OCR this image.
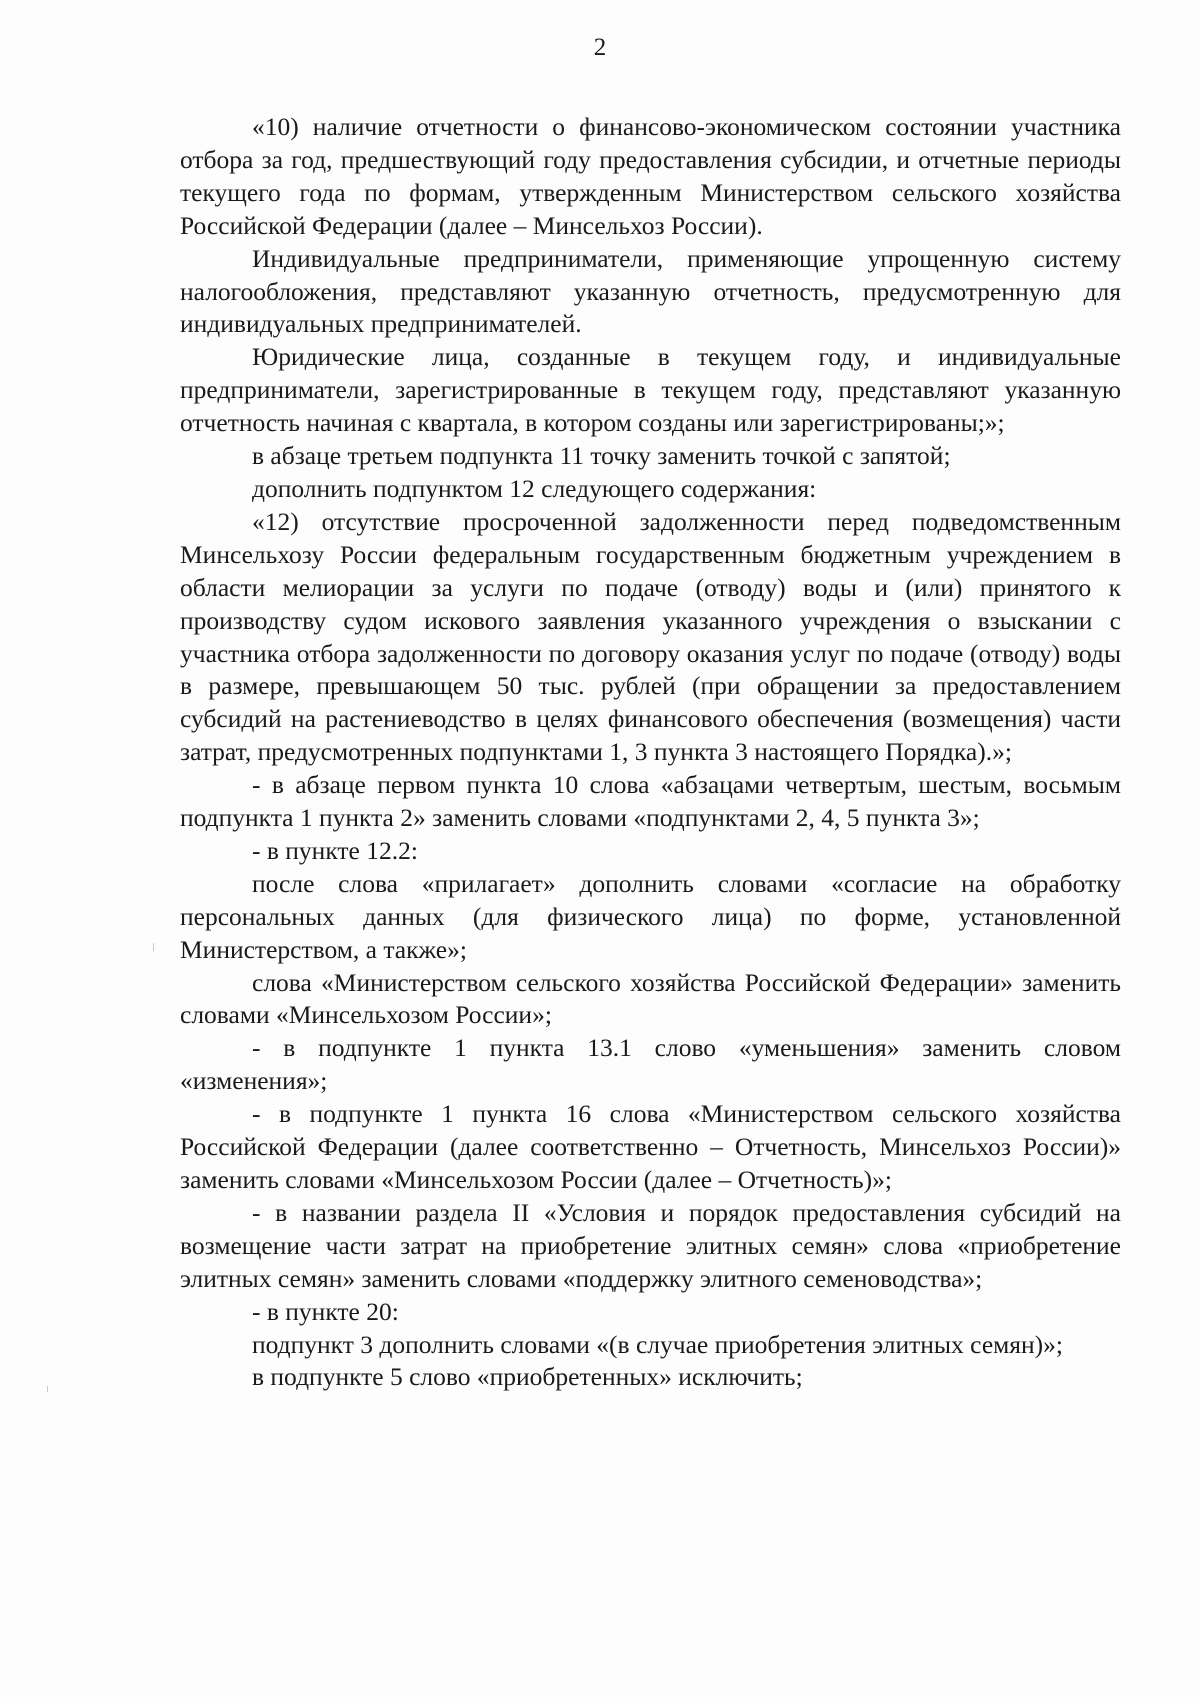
2

«10) наличие отчетности о финансово-экономическом состоянии участника отбора за год, предшествующий году предоставления субсидии, и отчетные периоды текущего года по формам, утвержденным Министерством сельского хозяйства Российской Федерации (далее – Минсельхоз России).

Индивидуальные предприниматели, применяющие упрощенную систему налогообложения, представляют указанную отчетность, предусмотренную для индивидуальных предпринимателей.

Юридические лица, созданные в текущем году, и индивидуальные предприниматели, зарегистрированные в текущем году, представляют указанную отчетность начиная с квартала, в котором созданы или зарегистрированы;»;

в абзаце третьем подпункта 11 точку заменить точкой с запятой;

дополнить подпунктом 12 следующего содержания:

«12) отсутствие просроченной задолженности перед подведомственным Минсельхозу России федеральным государственным бюджетным учреждением в области мелиорации за услуги по подаче (отводу) воды и (или) принятого к производству судом искового заявления указанного учреждения о взыскании с участника отбора задолженности по договору оказания услуг по подаче (отводу) воды в размере, превышающем 50 тыс. рублей (при обращении за предоставлением субсидий на растениеводство в целях финансового обеспечения (возмещения) части затрат, предусмотренных подпунктами 1, 3 пункта 3 настоящего Порядка).»;

- в абзаце первом пункта 10 слова «абзацами четвертым, шестым, восьмым подпункта 1 пункта 2» заменить словами «подпунктами 2, 4, 5 пункта 3»;

- в пункте 12.2:

после слова «прилагает» дополнить словами «согласие на обработку персональных данных (для физического лица) по форме, установленной Министерством, а также»;

слова «Министерством сельского хозяйства Российской Федерации» заменить словами «Минсельхозом России»;

- в подпункте 1 пункта 13.1 слово «уменьшения» заменить словом «изменения»;

- в подпункте 1 пункта 16 слова «Министерством сельского хозяйства Российской Федерации (далее соответственно – Отчетность, Минсельхоз России)» заменить словами «Минсельхозом России (далее – Отчетность)»;

- в названии раздела II «Условия и порядок предоставления субсидий на возмещение части затрат на приобретение элитных семян» слова «приобретение элитных семян» заменить словами «поддержку элитного семеноводства»;

- в пункте 20:

подпункт 3 дополнить словами «(в случае приобретения элитных семян)»;

в подпункте 5 слово «приобретенных» исключить;
